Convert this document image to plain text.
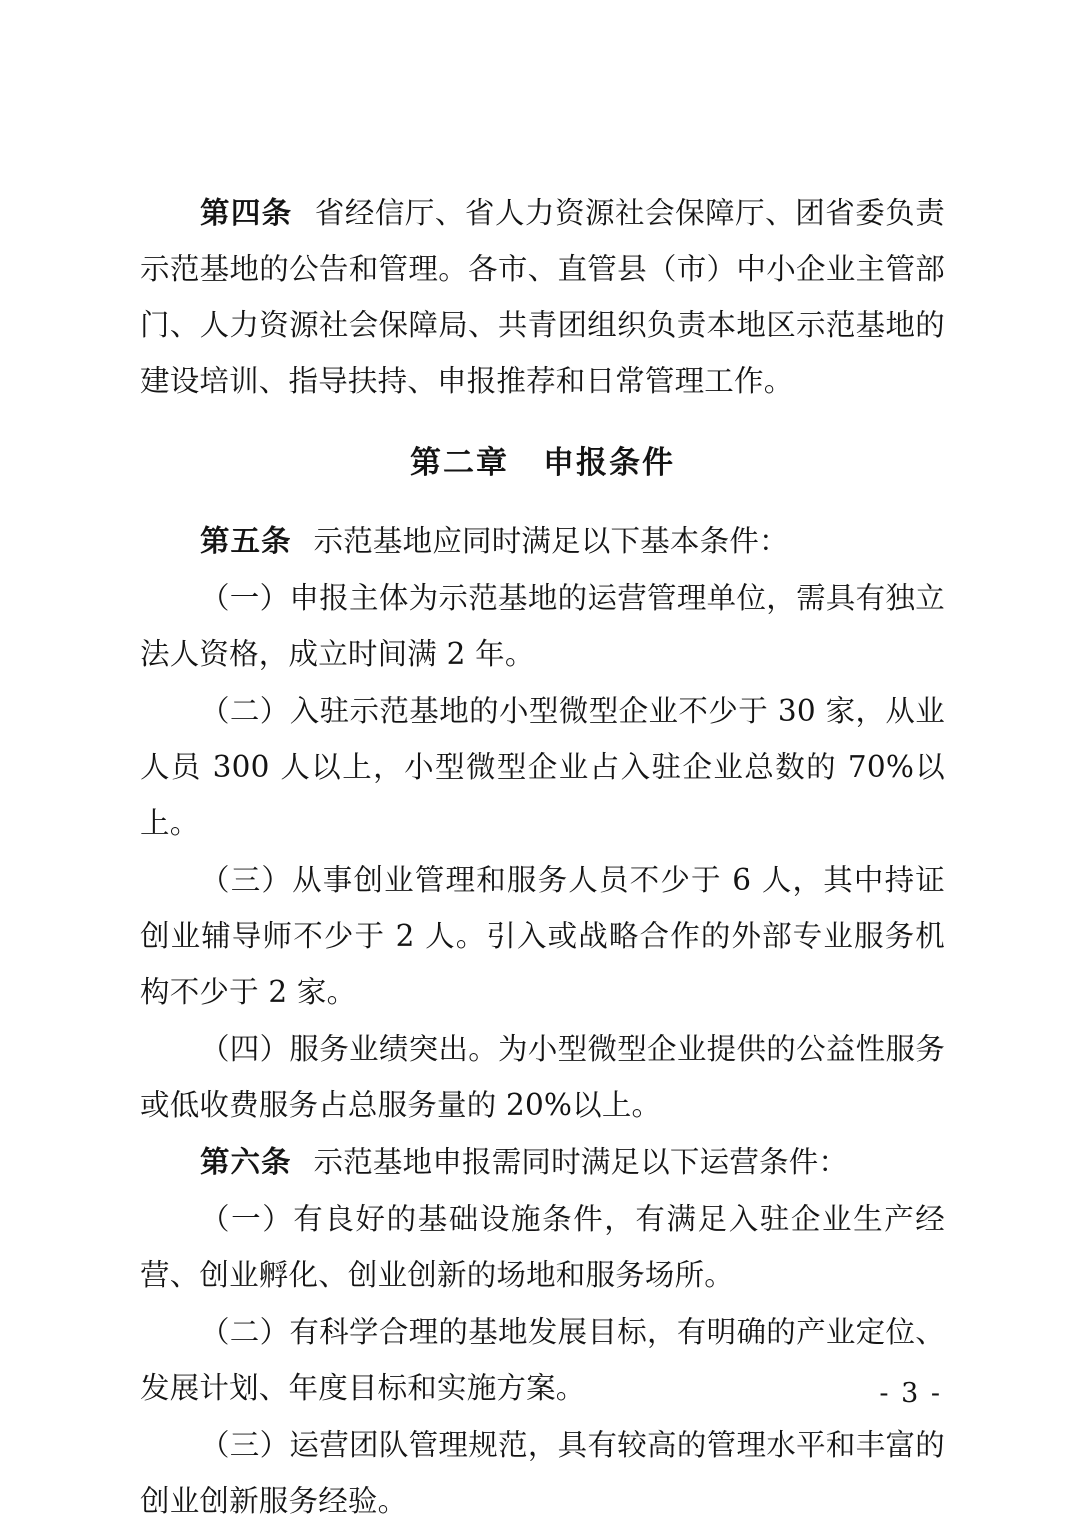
第四条 省经信厅、省人力资源社会保障厅、团省委负责示范基地的公告和管理。各市、直管县（市）中小企业主管部门、人力资源社会保障局、共青团组织负责本地区示范基地的建设培训、指导扶持、申报推荐和日常管理工作。

第二章 申报条件

第五条 示范基地应同时满足以下基本条件：

（一）申报主体为示范基地的运营管理单位，需具有独立法人资格，成立时间满 2 年。

（二）入驻示范基地的小型微型企业不少于 30 家，从业人员 300 人以上，小型微型企业占入驻企业总数的 70%以上。

（三）从事创业管理和服务人员不少于 6 人，其中持证创业辅导师不少于 2 人。引入或战略合作的外部专业服务机构不少于 2 家。

（四）服务业绩突出。为小型微型企业提供的公益性服务或低收费服务占总服务量的 20%以上。

第六条 示范基地申报需同时满足以下运营条件：

（一）有良好的基础设施条件，有满足入驻企业生产经营、创业孵化、创业创新的场地和服务场所。

（二）有科学合理的基地发展目标，有明确的产业定位、发展计划、年度目标和实施方案。

（三）运营团队管理规范，具有较高的管理水平和丰富的创业创新服务经验。

- 3 -
